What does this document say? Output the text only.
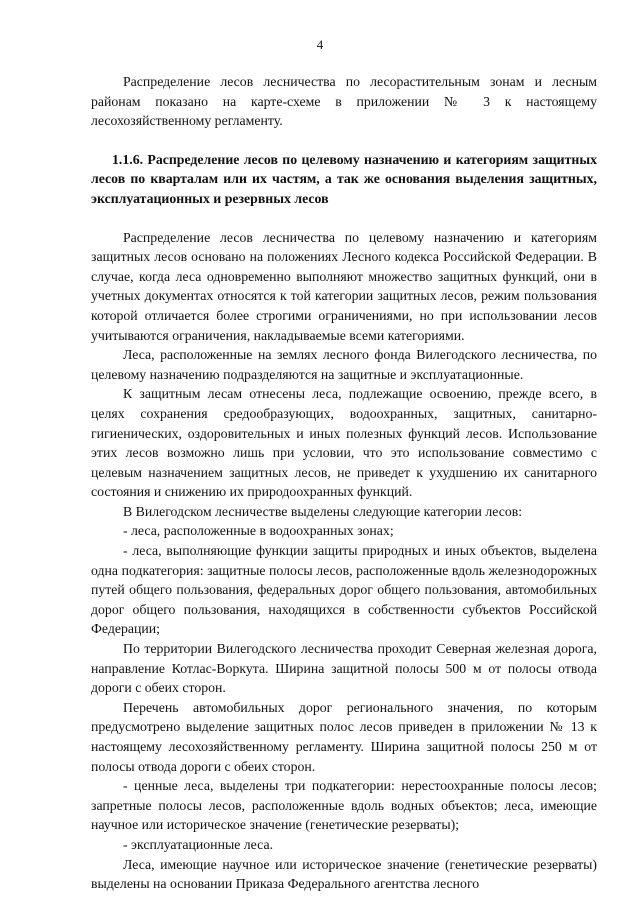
4

Распределение лесов лесничества по лесорастительным зонам и лесным районам показано на карте-схеме в приложении № 3 к настоящему лесохозяйственному регламенту.

1.1.6. Распределение лесов по целевому назначению и категориям защитных лесов по кварталам или их частям, а так же основания выделения защитных, эксплуатационных и резервных лесов

Распределение лесов лесничества по целевому назначению и категориям защитных лесов основано на положениях Лесного кодекса Российской Федерации. В случае, когда леса одновременно выполняют множество защитных функций, они в учетных документах относятся к той категории защитных лесов, режим пользования которой отличается более строгими ограничениями, но при использовании лесов учитываются ограничения, накладываемые всеми категориями.

Леса, расположенные на землях лесного фонда Вилегодского лесничества, по целевому назначению подразделяются на защитные и эксплуатационные.

К защитным лесам отнесены леса, подлежащие освоению, прежде всего, в целях сохранения средообразующих, водоохранных, защитных, санитарно-гигиенических, оздоровительных и иных полезных функций лесов. Использование этих лесов возможно лишь при условии, что это использование совместимо с целевым назначением защитных лесов, не приведет к ухудшению их санитарного состояния и снижению их природоохранных функций.

В Вилегодском лесничестве выделены следующие категории лесов:

- леса, расположенные в водоохранных зонах;

- леса, выполняющие функции защиты природных и иных объектов, выделена одна подкатегория: защитные полосы лесов, расположенные вдоль железнодорожных путей общего пользования, федеральных дорог общего пользования, автомобильных дорог общего пользования, находящихся в собственности субъектов Российской Федерации;

По территории Вилегодского лесничества проходит Северная железная дорога, направление Котлас-Воркута. Ширина защитной полосы 500 м от полосы отвода дороги с обеих сторон.

Перечень автомобильных дорог регионального значения, по которым предусмотрено выделение защитных полос лесов приведен в приложении № 13 к настоящему лесохозяйственному регламенту. Ширина защитной полосы 250 м от полосы отвода дороги с обеих сторон.

- ценные леса, выделены три подкатегории: нерестоохранные полосы лесов; запретные полосы лесов, расположенные вдоль водных объектов; леса, имеющие научное или историческое значение (генетические резерваты);

- эксплуатационные леса.

Леса, имеющие научное или историческое значение (генетические резерваты) выделены на основании Приказа Федерального агентства лесного
